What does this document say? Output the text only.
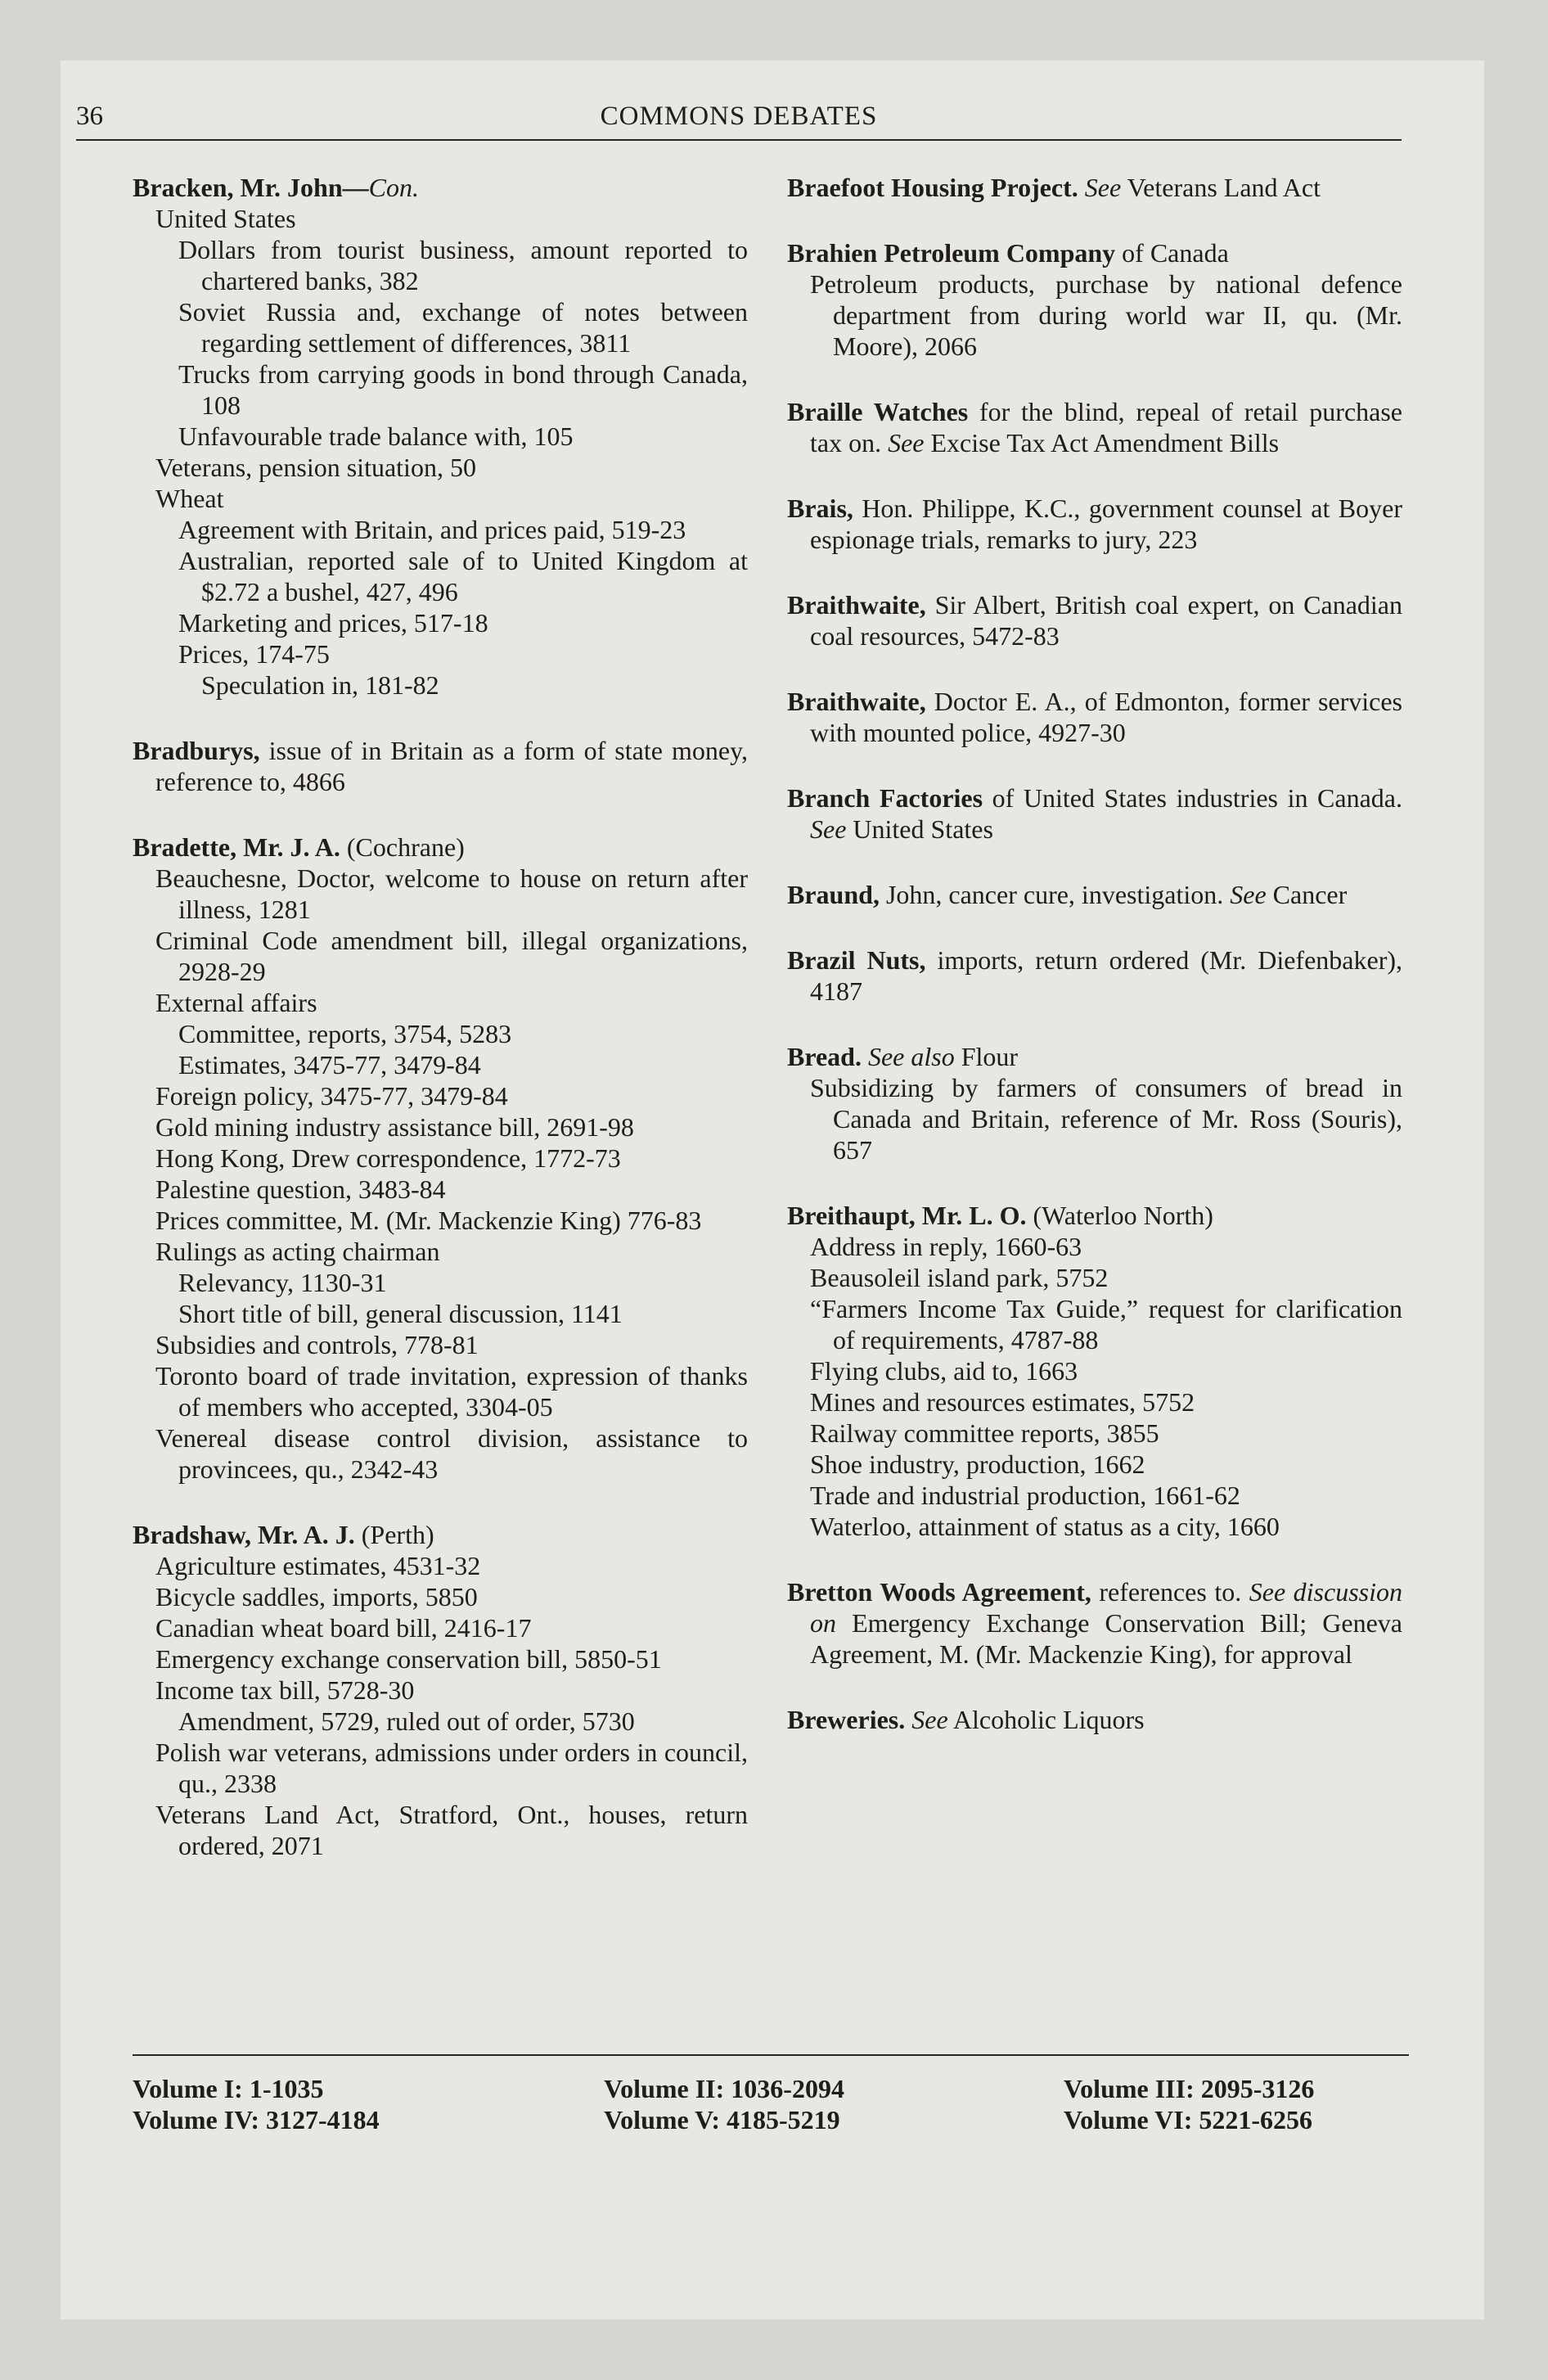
36	COMMONS DEBATES
Bracken, Mr. John—Con.
United States
Dollars from tourist business, amount reported to chartered banks, 382
Soviet Russia and, exchange of notes between regarding settlement of differences, 3811
Trucks from carrying goods in bond through Canada, 108
Unfavourable trade balance with, 105
Veterans, pension situation, 50
Wheat
Agreement with Britain, and prices paid, 519-23
Australian, reported sale of to United Kingdom at $2.72 a bushel, 427, 496
Marketing and prices, 517-18
Prices, 174-75
Speculation in, 181-82
Bradburys, issue of in Britain as a form of state money, reference to, 4866
Bradette, Mr. J. A. (Cochrane)
Beauchesne, Doctor, welcome to house on return after illness, 1281
Criminal Code amendment bill, illegal organizations, 2928-29
External affairs
Committee, reports, 3754, 5283
Estimates, 3475-77, 3479-84
Foreign policy, 3475-77, 3479-84
Gold mining industry assistance bill, 2691-98
Hong Kong, Drew correspondence, 1772-73
Palestine question, 3483-84
Prices committee, M. (Mr. Mackenzie King) 776-83
Rulings as acting chairman
Relevancy, 1130-31
Short title of bill, general discussion, 1141
Subsidies and controls, 778-81
Toronto board of trade invitation, expression of thanks of members who accepted, 3304-05
Venereal disease control division, assistance to provincees, qu., 2342-43
Bradshaw, Mr. A. J. (Perth)
Agriculture estimates, 4531-32
Bicycle saddles, imports, 5850
Canadian wheat board bill, 2416-17
Emergency exchange conservation bill, 5850-51
Income tax bill, 5728-30
Amendment, 5729, ruled out of order, 5730
Polish war veterans, admissions under orders in council, qu., 2338
Veterans Land Act, Stratford, Ont., houses, return ordered, 2071
Braefoot Housing Project. See Veterans Land Act
Brahien Petroleum Company of Canada
Petroleum products, purchase by national defence department from during world war II, qu. (Mr. Moore), 2066
Braille Watches for the blind, repeal of retail purchase tax on. See Excise Tax Act Amendment Bills
Brais, Hon. Philippe, K.C., government counsel at Boyer espionage trials, remarks to jury, 223
Braithwaite, Sir Albert, British coal expert, on Canadian coal resources, 5472-83
Braithwaite, Doctor E. A., of Edmonton, former services with mounted police, 4927-30
Branch Factories of United States industries in Canada. See United States
Braund, John, cancer cure, investigation. See Cancer
Brazil Nuts, imports, return ordered (Mr. Diefenbaker), 4187
Bread. See also Flour
Subsidizing by farmers of consumers of bread in Canada and Britain, reference of Mr. Ross (Souris), 657
Breithaupt, Mr. L. O. (Waterloo North)
Address in reply, 1660-63
Beausoleil island park, 5752
“Farmers Income Tax Guide,” request for clarification of requirements, 4787-88
Flying clubs, aid to, 1663
Mines and resources estimates, 5752
Railway committee reports, 3855
Shoe industry, production, 1662
Trade and industrial production, 1661-62
Waterloo, attainment of status as a city, 1660
Bretton Woods Agreement, references to. See discussion on Emergency Exchange Conservation Bill; Geneva Agreement, M. (Mr. Mackenzie King), for approval
Breweries. See Alcoholic Liquors
Volume I: 1-1035	Volume II: 1036-2094	Volume III: 2095-3126
Volume IV: 3127-4184	Volume V: 4185-5219	Volume VI: 5221-6256
